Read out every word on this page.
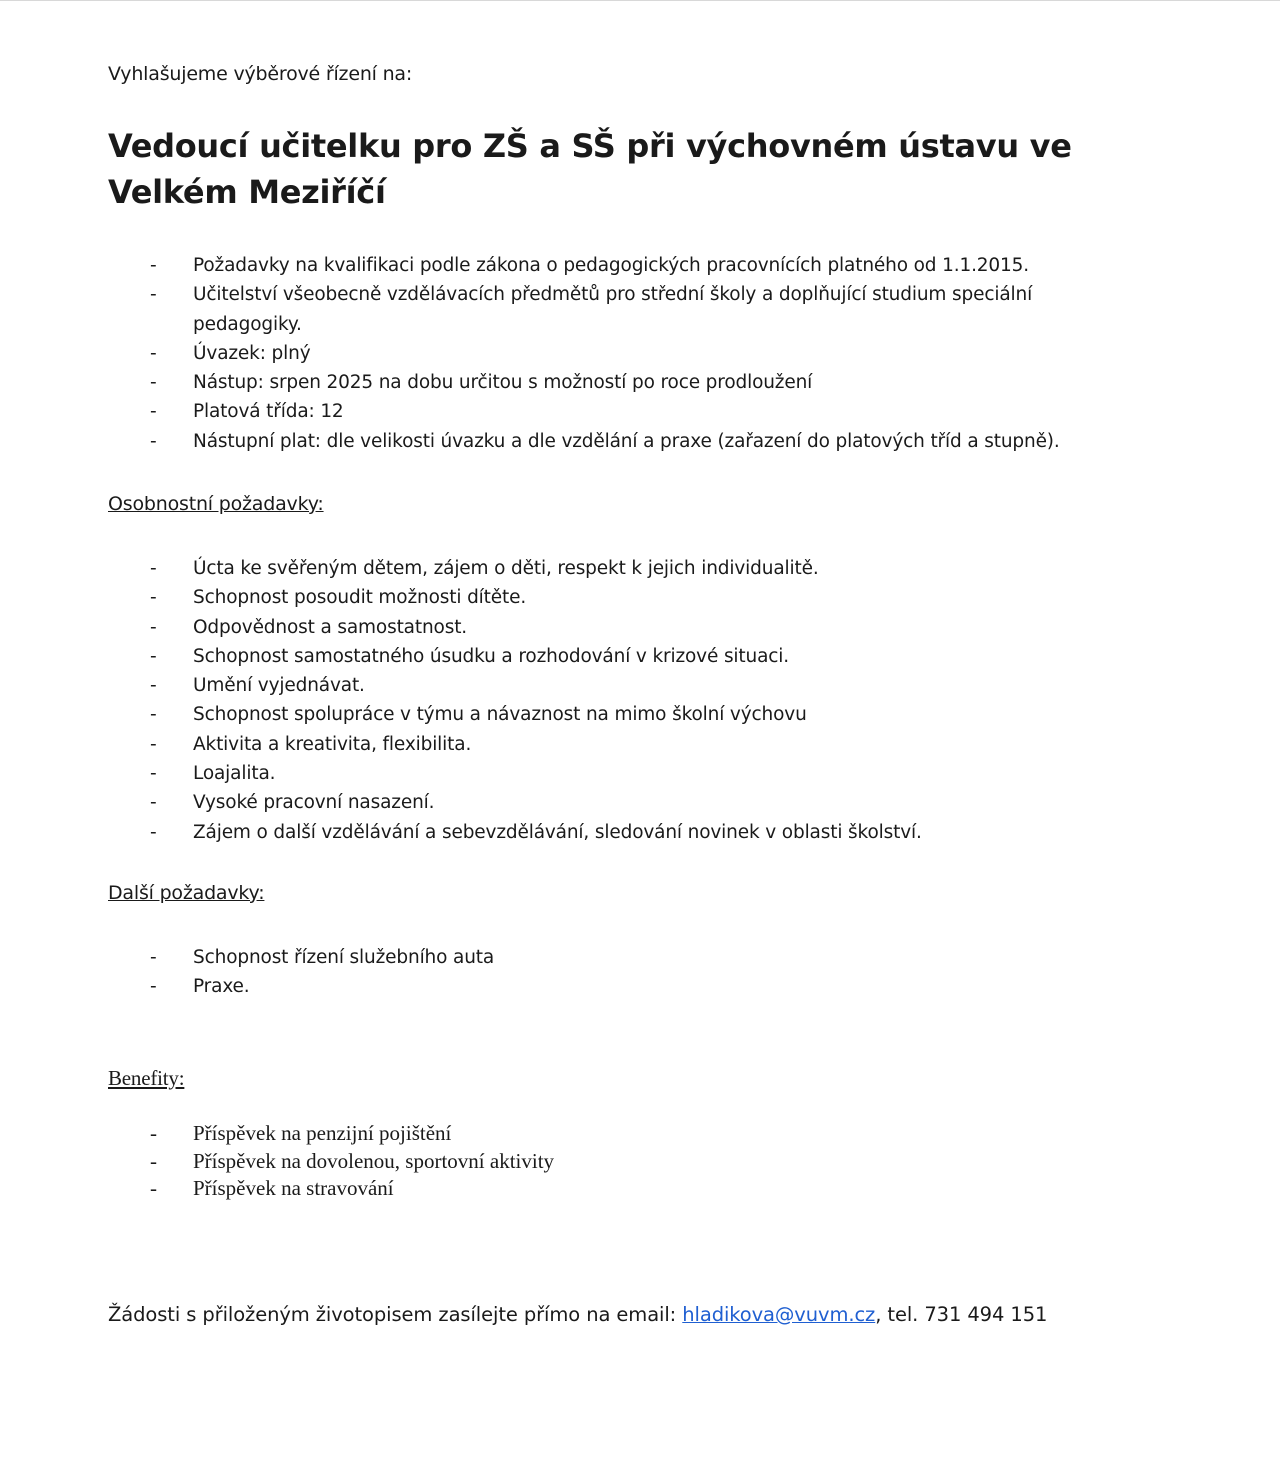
Vyhlašujeme výběrové řízení na:
Vedoucí učitelku pro ZŠ a SŠ při výchovném ústavu ve Velkém Meziříčí
- Požadavky na kvalifikaci podle zákona o pedagogických pracovnících platného od 1.1.2015.
- Učitelství všeobecně vzdělávacích předmětů pro střední školy a doplňující studium speciální pedagogiky.
- Úvazek: plný
- Nástup: srpen 2025 na dobu určitou s možností po roce prodloužení
- Platová třída: 12
- Nástupní plat: dle velikosti úvazku a dle vzdělání a praxe (zařazení do platových tříd a stupně).
Osobnostní požadavky:
- Úcta ke svěřeným dětem, zájem o děti, respekt k jejich individualitě.
- Schopnost posoudit možnosti dítěte.
- Odpovědnost a samostatnost.
- Schopnost samostatného úsudku a rozhodování v krizové situaci.
- Umění vyjednávat.
- Schopnost spolupráce v týmu a návaznost na mimo školní výchovu
- Aktivita a kreativita, flexibilita.
- Loajalita.
- Vysoké pracovní nasazení.
- Zájem o další vzdělávání a sebevzdělávání, sledování novinek v oblasti školství.
Další požadavky:
- Schopnost řízení služebního auta
- Praxe.
Benefity:
- Příspěvek na penzijní pojištění
- Příspěvek na dovolenou, sportovní aktivity
- Příspěvek na stravování
Žádosti s přiloženým životopisem zasílejte přímo na email: hladikova@vuvm.cz, tel. 731 494 151
